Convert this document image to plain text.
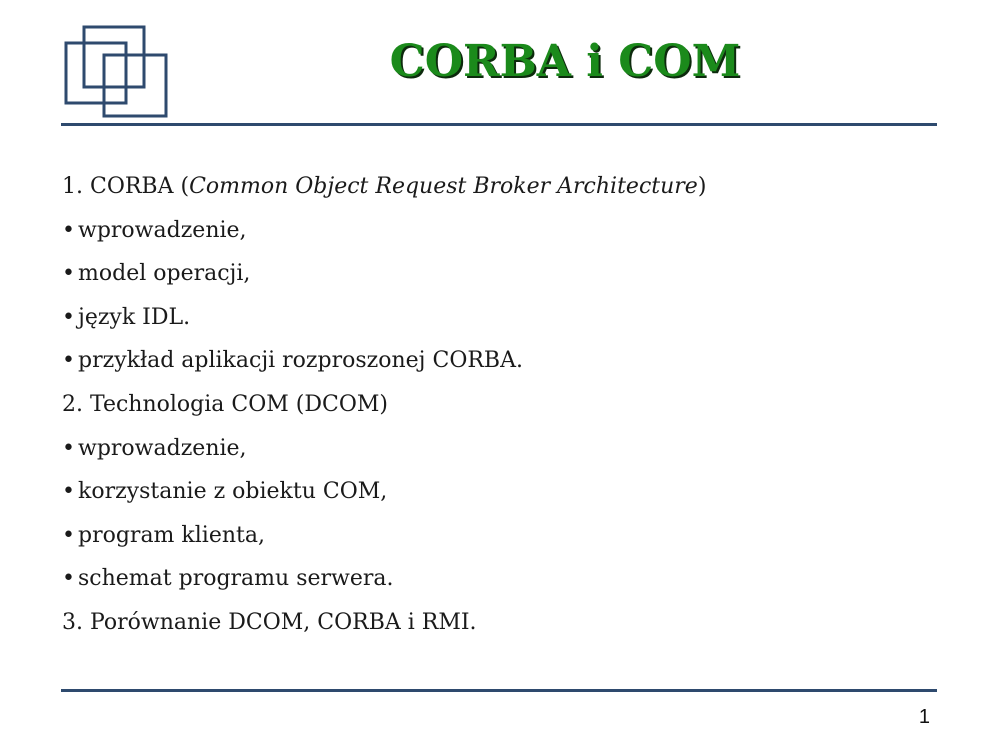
CORBA i COM
1. CORBA (Common Object Request Broker Architecture)
• wprowadzenie,
• model operacji,
• język IDL.
• przykład aplikacji rozproszonej CORBA.
2. Technologia COM (DCOM)
• wprowadzenie,
• korzystanie z obiektu COM,
• program klienta,
• schemat programu serwera.
3. Porównanie DCOM, CORBA i RMI.
1
